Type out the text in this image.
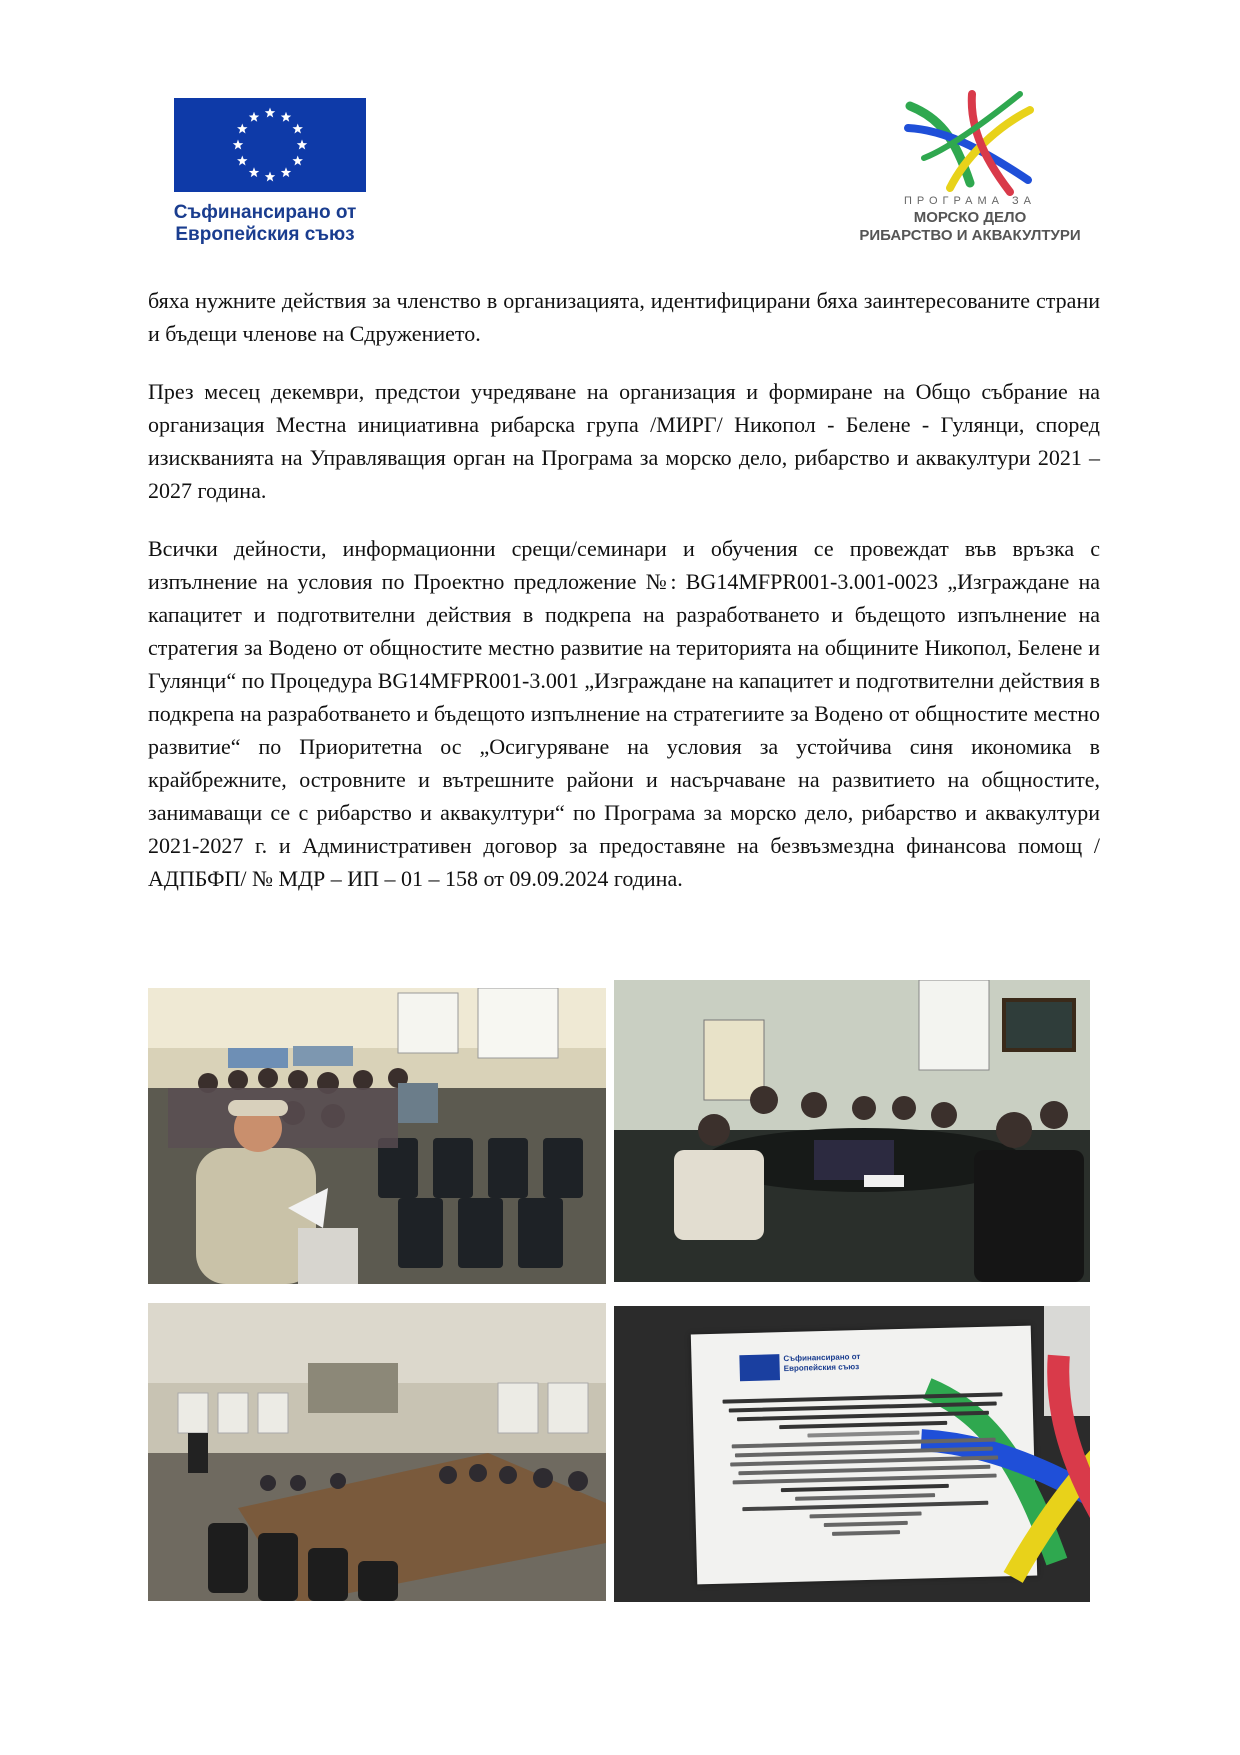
Съфинансирано от
Европейския съюз
ПРОГРАМА ЗА
МОРСКО ДЕЛО
РИБАРСТВО И АКВАКУЛТУРИ

бяха нужните действия за членство в организацията, идентифицирани бяха заинтересованите страни и бъдещи членове на Сдружението.

През месец декември, предстои учредяване на организация и формиране на Общо събрание на организация Местна инициативна рибарска група /МИРГ/ Никопол - Белене - Гулянци, според изискванията на Управляващия орган на Програма за морско дело, рибарство и аквакултури 2021 – 2027 година.

Всички дейности, информационни срещи/семинари и обучения се провеждат във връзка с изпълнение на условия по Проектно предложение №: BG14MFPR001-3.001-0023 „Изграждане на капацитет и подготвителни действия в подкрепа на разработването и бъдещото изпълнение на стратегия за Водено от общностите местно развитие на територията на общините Никопол, Белене и Гулянци“ по Процедура BG14MFPR001-3.001 „Изграждане на капацитет и подготвителни действия в подкрепа на разработването и бъдещото изпълнение на стратегиите за Водено от общностите местно развитие“ по Приоритетна ос „Осигуряване на условия за устойчива синя икономика в крайбрежните, островните и вътрешните райони и насърчаване на развитието на общностите, занимаващи се с рибарство и аквакултури“ по Програма за морско дело, рибарство и аквакултури 2021-2027 г. и Административен договор за предоставяне на безвъзмездна финансова помощ /АДПБФП/ № МДР – ИП – 01 – 158 от 09.09.2024 година.

Съфинансирано от
Европейския съюз
